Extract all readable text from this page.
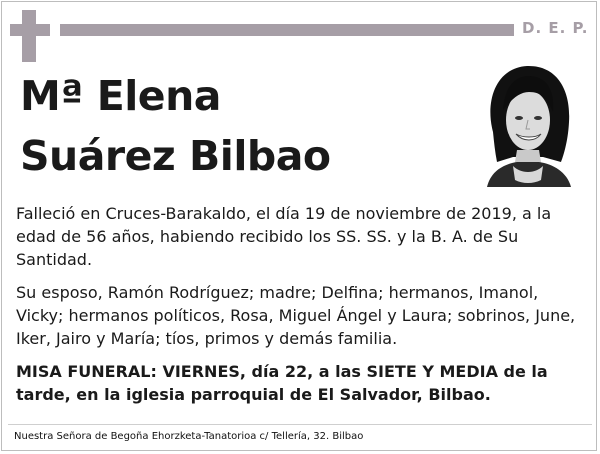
D. E. P.
Mª Elena
Suárez Bilbao

Falleció en Cruces-Barakaldo, el día 19 de noviembre de 2019, a la edad de 56 años, habiendo recibido los SS. SS. y la B. A. de Su Santidad.

Su esposo, Ramón Rodríguez; madre; Delfina; hermanos, Imanol, Vicky; hermanos políticos, Rosa, Miguel Ángel y Laura; sobrinos, June, Iker, Jairo y María; tíos, primos y demás familia.

MISA FUNERAL: VIERNES, día 22, a las SIETE Y MEDIA de la tarde, en la iglesia parroquial de El Salvador, Bilbao.

Nuestra Señora de Begoña Ehorzketa-Tanatorioa c/ Tellería, 32. Bilbao
